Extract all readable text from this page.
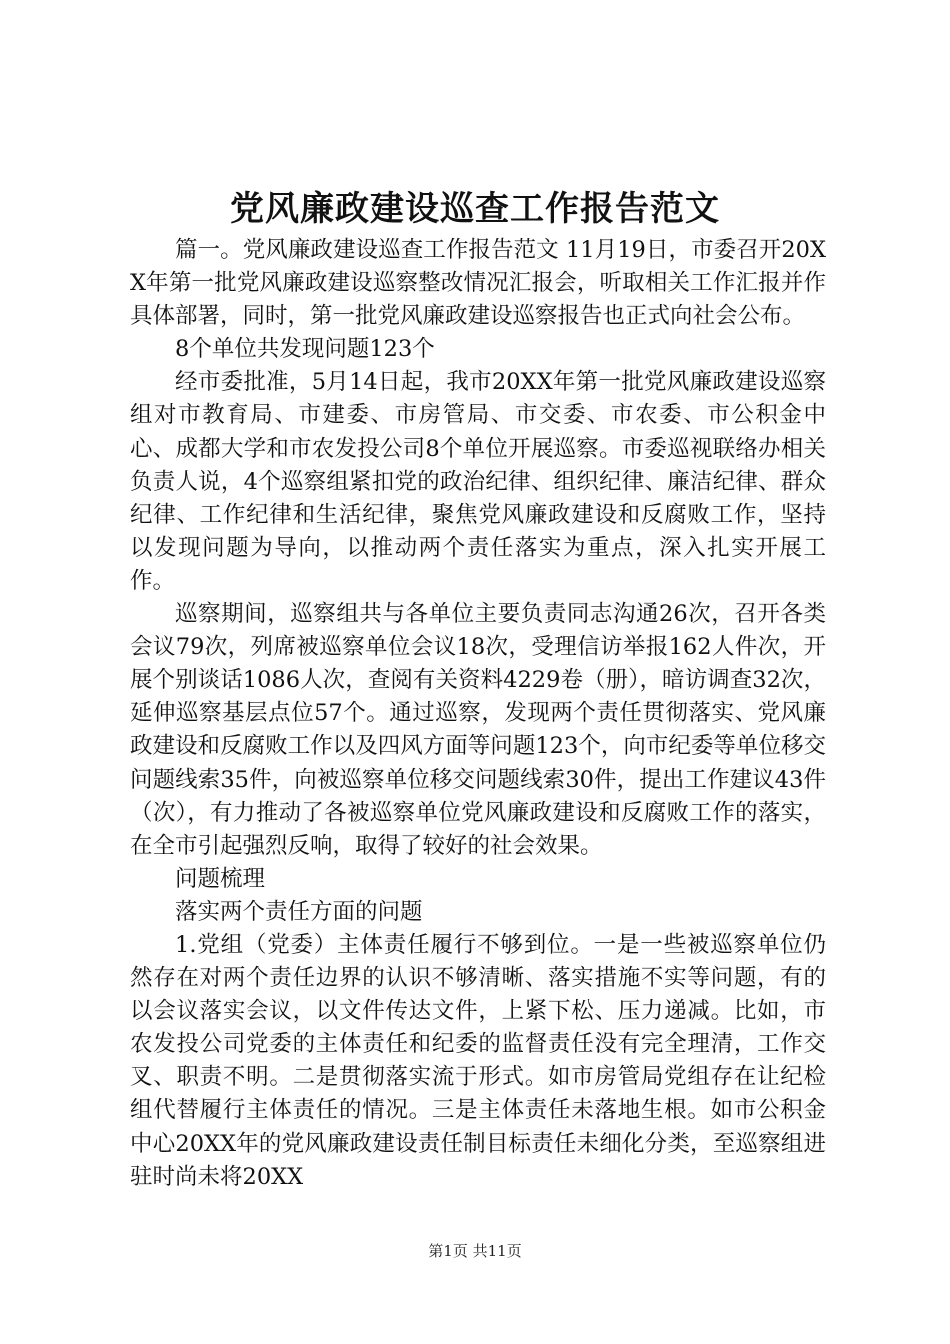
党风廉政建设巡查工作报告范文

篇一。党风廉政建设巡查工作报告范文 11月19日，市委召开20XX年第一批党风廉政建设巡察整改情况汇报会，听取相关工作汇报并作具体部署，同时，第一批党风廉政建设巡察报告也正式向社会公布。

8个单位共发现问题123个

经市委批准，5月14日起，我市20XX年第一批党风廉政建设巡察组对市教育局、市建委、市房管局、市交委、市农委、市公积金中心、成都大学和市农发投公司8个单位开展巡察。市委巡视联络办相关负责人说，4个巡察组紧扣党的政治纪律、组织纪律、廉洁纪律、群众纪律、工作纪律和生活纪律，聚焦党风廉政建设和反腐败工作，坚持以发现问题为导向，以推动两个责任落实为重点，深入扎实开展工作。

巡察期间，巡察组共与各单位主要负责同志沟通26次，召开各类会议79次，列席被巡察单位会议18次，受理信访举报162人件次，开展个别谈话1086人次，查阅有关资料4229卷（册），暗访调查32次，延伸巡察基层点位57个。通过巡察，发现两个责任贯彻落实、党风廉政建设和反腐败工作以及四风方面等问题123个，向市纪委等单位移交问题线索35件，向被巡察单位移交问题线索30件，提出工作建议43件（次），有力推动了各被巡察单位党风廉政建设和反腐败工作的落实，在全市引起强烈反响，取得了较好的社会效果。

问题梳理

落实两个责任方面的问题

1.党组（党委）主体责任履行不够到位。一是一些被巡察单位仍然存在对两个责任边界的认识不够清晰、落实措施不实等问题，有的以会议落实会议，以文件传达文件，上紧下松、压力递减。比如，市农发投公司党委的主体责任和纪委的监督责任没有完全理清，工作交叉、职责不明。二是贯彻落实流于形式。如市房管局党组存在让纪检组代替履行主体责任的情况。三是主体责任未落地生根。如市公积金中心20XX年的党风廉政建设责任制目标责任未细化分类，至巡察组进驻时尚未将20XX

第1页 共11页
